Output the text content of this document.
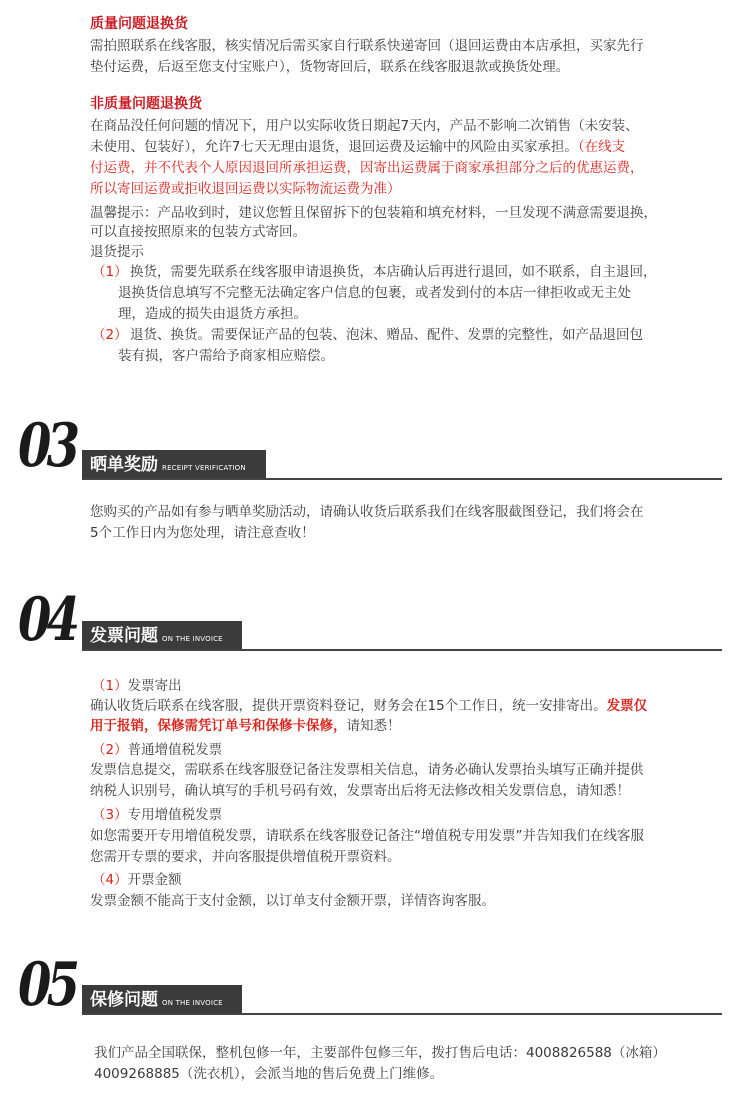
质量问题退换货
需拍照联系在线客服，核实情况后需买家自行联系快递寄回（退回运费由本店承担，买家先行
垫付运费，后返至您支付宝账户），货物寄回后，联系在线客服退款或换货处理。
非质量问题退换货
在商品没任何问题的情况下，用户以实际收货日期起7天内，产品不影响二次销售（未安装、
未使用、包装好），允许7七天无理由退货，退回运费及运输中的风险由买家承担。（在线支
付运费，并不代表个人原因退回所承担运费，因寄出运费属于商家承担部分之后的优惠运费，
所以寄回运费或拒收退回运费以实际物流运费为准）
温馨提示：产品收到时，建议您暂且保留拆下的包装箱和填充材料，一旦发现不满意需要退换，
可以直接按照原来的包装方式寄回。
退货提示
（1） 换货，需要先联系在线客服申请退换货，本店确认后再进行退回，如不联系，自主退回，
退换货信息填写不完整无法确定客户信息的包裹，或者发到付的本店一律拒收或无主处
理，造成的损失由退货方承担。
（2） 退货、换货。需要保证产品的包装、泡沫、赠品、配件、发票的完整性，如产品退回包
装有损，客户需给予商家相应赔偿。
03 晒单奖励 RECEIPT VERIFICATION
您购买的产品如有参与晒单奖励活动，请确认收货后联系我们在线客服截图登记，我们将会在
5个工作日内为您处理，请注意查收！
04 发票问题 ON THE INVOICE
（1）发票寄出
确认收货后联系在线客服，提供开票资料登记，财务会在15个工作日，统一安排寄出。发票仅
用于报销，保修需凭订单号和保修卡保修，请知悉！
（2）普通增值税发票
发票信息提交，需联系在线客服登记备注发票相关信息，请务必确认发票抬头填写正确并提供
纳税人识别号，确认填写的手机号码有效，发票寄出后将无法修改相关发票信息，请知悉！
（3）专用增值税发票
如您需要开专用增值税发票，请联系在线客服登记备注“增值税专用发票”并告知我们在线客服
您需开专票的要求，并向客服提供增值税开票资料。
（4）开票金额
发票金额不能高于支付金额，以订单支付金额开票，详情咨询客服。
05 保修问题 ON THE INVOICE
我们产品全国联保，整机包修一年，主要部件包修三年，拨打售后电话：4008826588（冰箱）
4009268885（洗衣机），会派当地的售后免费上门维修。
